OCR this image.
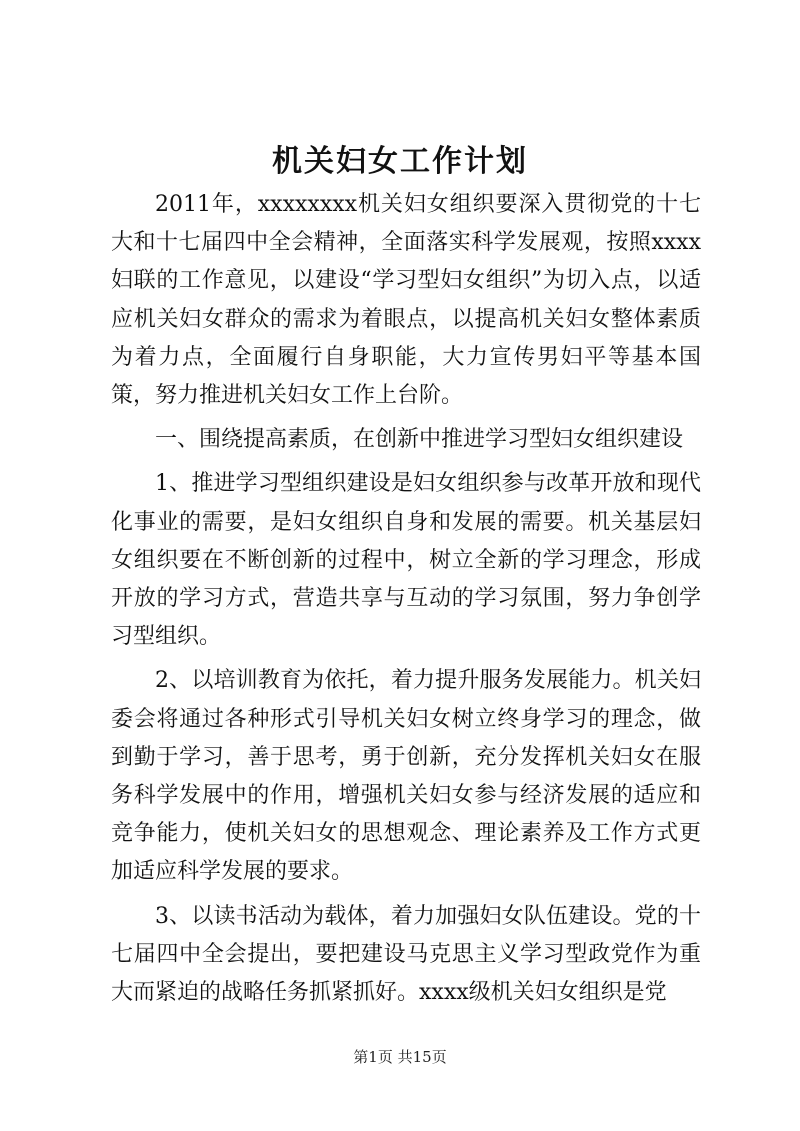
机关妇女工作计划

2011年，xxxxxxxx机关妇女组织要深入贯彻党的十七大和十七届四中全会精神，全面落实科学发展观，按照xxxx妇联的工作意见，以建设“学习型妇女组织”为切入点，以适应机关妇女群众的需求为着眼点，以提高机关妇女整体素质为着力点，全面履行自身职能，大力宣传男妇平等基本国策，努力推进机关妇女工作上台阶。

一、围绕提高素质，在创新中推进学习型妇女组织建设

1、推进学习型组织建设是妇女组织参与改革开放和现代化事业的需要，是妇女组织自身和发展的需要。机关基层妇女组织要在不断创新的过程中，树立全新的学习理念，形成开放的学习方式，营造共享与互动的学习氛围，努力争创学习型组织。

2、以培训教育为依托，着力提升服务发展能力。机关妇委会将通过各种形式引导机关妇女树立终身学习的理念，做到勤于学习，善于思考，勇于创新，充分发挥机关妇女在服务科学发展中的作用，增强机关妇女参与经济发展的适应和竞争能力，使机关妇女的思想观念、理论素养及工作方式更加适应科学发展的要求。

3、以读书活动为载体，着力加强妇女队伍建设。党的十七届四中全会提出，要把建设马克思主义学习型政党作为重大而紧迫的战略任务抓紧抓好。xxxx级机关妇女组织是党

第1页 共15页
